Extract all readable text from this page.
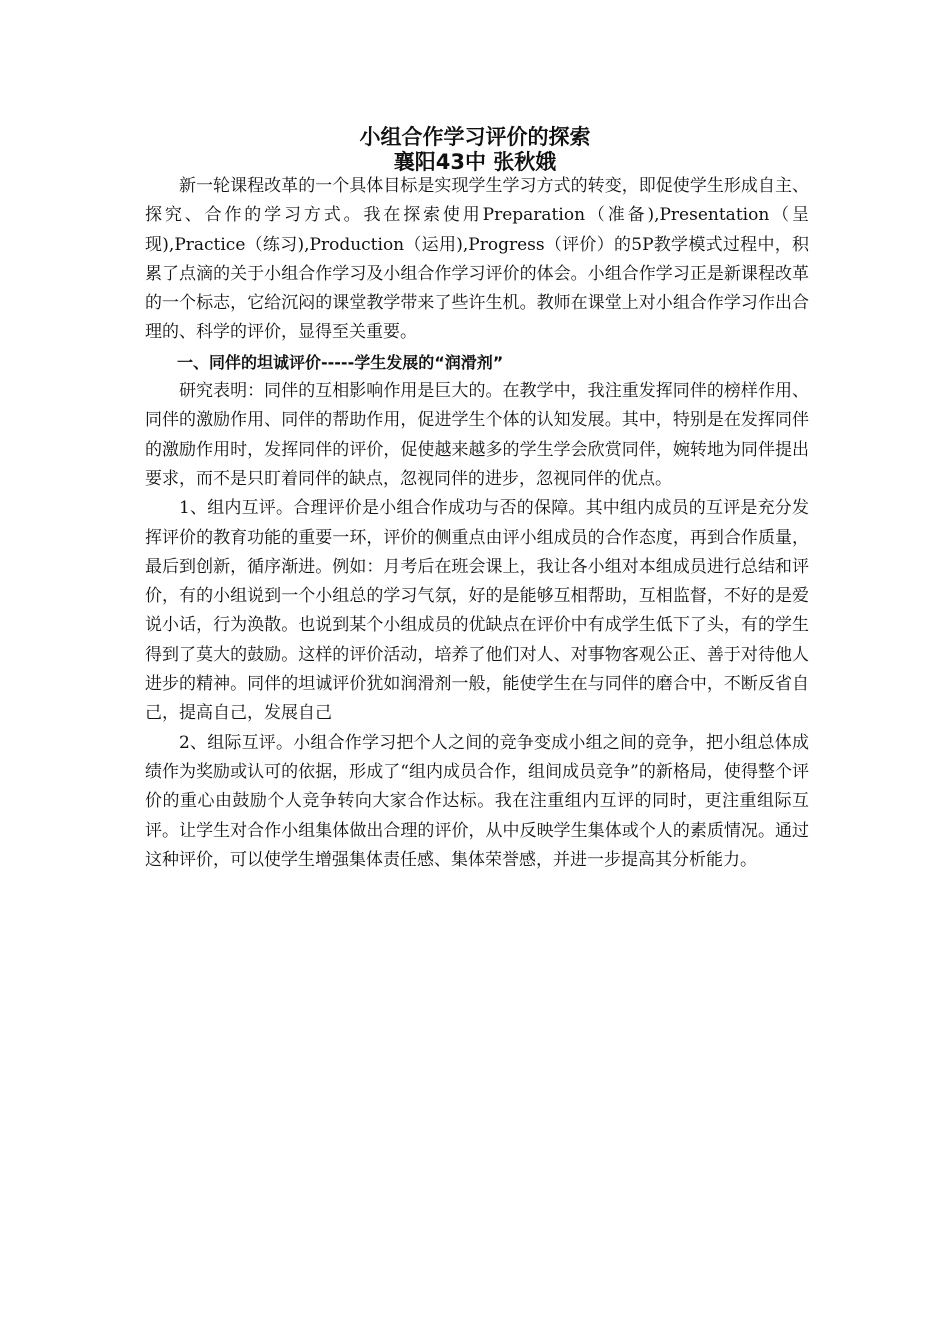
小组合作学习评价的探索
襄阳43中 张秋娥

新一轮课程改革的一个具体目标是实现学生学习方式的转变，即促使学生形成自主、探究、合作的学习方式。我在探索使用Preparation（准备),Presentation（呈现),Practice（练习),Production（运用),Progress（评价）的5P教学模式过程中，积累了点滴的关于小组合作学习及小组合作学习评价的体会。小组合作学习正是新课程改革的一个标志，它给沉闷的课堂教学带来了些许生机。教师在课堂上对小组合作学习作出合理的、科学的评价，显得至关重要。

一、同伴的坦诚评价-----学生发展的“润滑剂”

研究表明：同伴的互相影响作用是巨大的。在教学中，我注重发挥同伴的榜样作用、同伴的激励作用、同伴的帮助作用，促进学生个体的认知发展。其中，特别是在发挥同伴的激励作用时，发挥同伴的评价，促使越来越多的学生学会欣赏同伴，婉转地为同伴提出要求，而不是只盯着同伴的缺点，忽视同伴的进步，忽视同伴的优点。

1、组内互评。合理评价是小组合作成功与否的保障。其中组内成员的互评是充分发挥评价的教育功能的重要一环，评价的侧重点由评小组成员的合作态度，再到合作质量，最后到创新，循序渐进。例如：月考后在班会课上，我让各小组对本组成员进行总结和评价，有的小组说到一个小组总的学习气氛，好的是能够互相帮助，互相监督，不好的是爱说小话，行为涣散。也说到某个小组成员的优缺点在评价中有成学生低下了头，有的学生得到了莫大的鼓励。这样的评价活动，培养了他们对人、对事物客观公正、善于对待他人进步的精神。同伴的坦诚评价犹如润滑剂一般，能使学生在与同伴的磨合中，不断反省自己，提高自己，发展自己

2、组际互评。小组合作学习把个人之间的竞争变成小组之间的竞争，把小组总体成绩作为奖励或认可的依据，形成了“组内成员合作，组间成员竞争”的新格局，使得整个评价的重心由鼓励个人竞争转向大家合作达标。我在注重组内互评的同时，更注重组际互评。让学生对合作小组集体做出合理的评价，从中反映学生集体或个人的素质情况。通过这种评价，可以使学生增强集体责任感、集体荣誉感，并进一步提高其分析能力。
